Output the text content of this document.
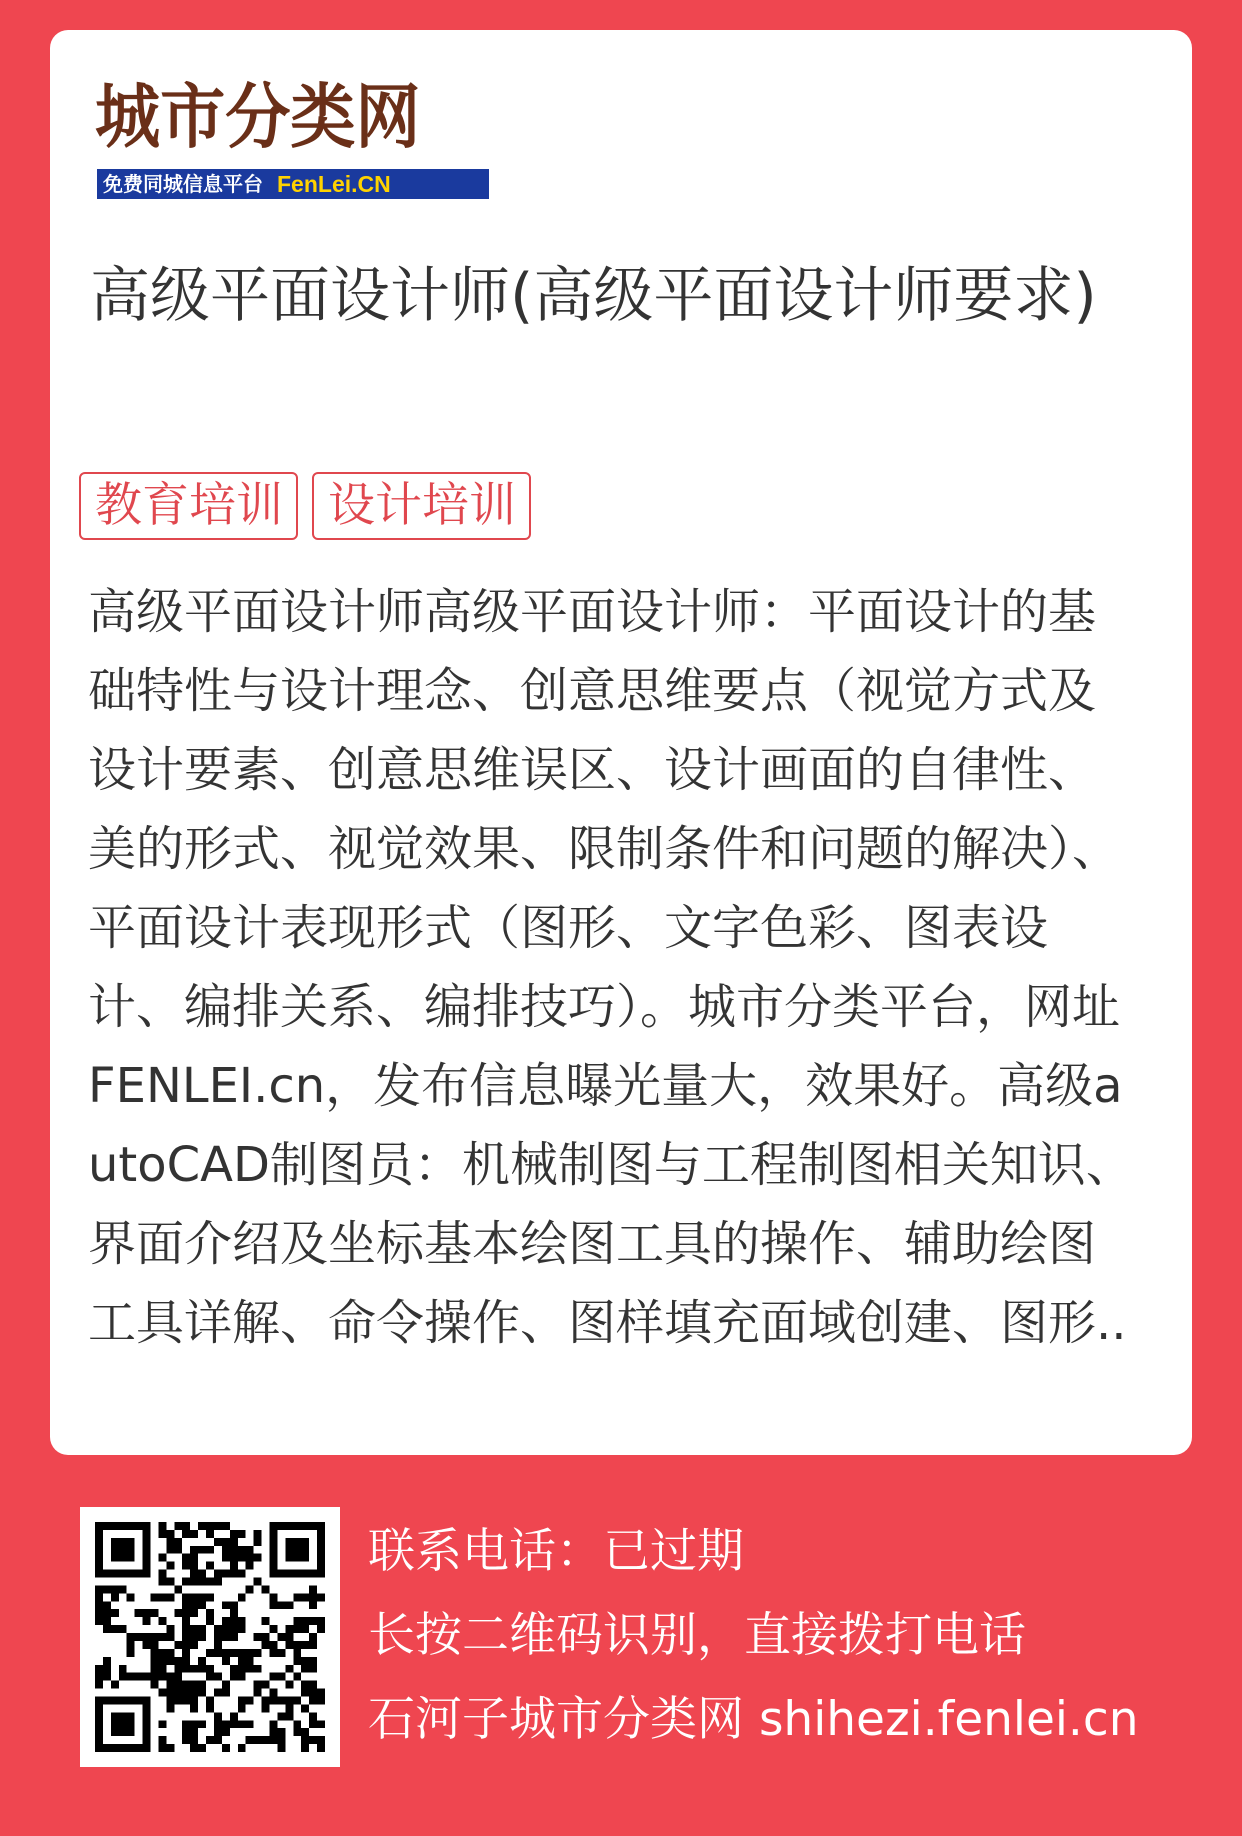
城市分类网
免费同城信息平台 FenLei.CN
高级平面设计师(高级平面设计师要求)
教育培训 设计培训

高级平面设计师高级平面设计师：平面设计的基础特性与设计理念、创意思维要点（视觉方式及设计要素、创意思维误区、设计画面的自律性、美的形式、视觉效果、限制条件和问题的解决）、平面设计表现形式（图形、文字色彩、图表设计、编排关系、编排技巧）。城市分类平台，网址FENLEI.cn，发布信息曝光量大，效果好。高级autoCAD制图员：机械制图与工程制图相关知识、界面介绍及坐标基本绘图工具的操作、辅助绘图工具详解、命令操作、图样填充面域创建、图形..

联系电话：已过期
长按二维码识别，直接拨打电话
石河子城市分类网 shihezi.fenlei.cn
